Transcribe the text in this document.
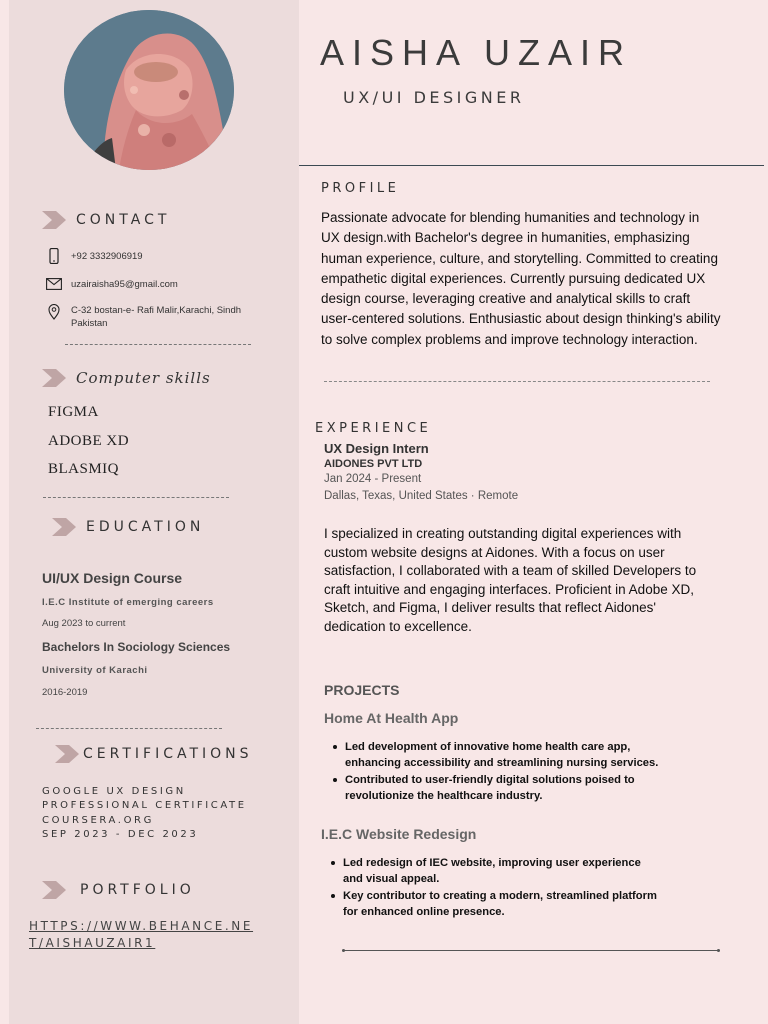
CONTACT
+92 3332906919
uzairaisha95@gmail.com
C-32 bostan-e- Rafi Malir,Karachi, Sindh Pakistan
Computer skills
FIGMA
ADOBE XD
BLASMIQ
EDUCATION
UI/UX Design Course
I.E.C Institute of emerging careers
Aug 2023 to current
Bachelors In Sociology Sciences
University of Karachi
2016-2019
CERTIFICATIONS
GOOGLE UX DESIGN
PROFESSIONAL CERTIFICATE
COURSERA.ORG
SEP 2023 - DEC 2023
PORTFOLIO
HTTPS://WWW.BEHANCE.NET/AISHAUZAIR1
AISHA UZAIR
UX/UI DESIGNER
PROFILE
Passionate advocate for blending humanities and technology in UX design.with Bachelor's degree in humanities, emphasizing human experience, culture, and storytelling. Committed to creating empathetic digital experiences. Currently pursuing dedicated UX design course, leveraging creative and analytical skills to craft user-centered solutions. Enthusiastic about design thinking's ability to solve complex problems and improve technology interaction.
EXPERIENCE
UX Design Intern
AIDONES PVT LTD
Jan 2024 - Present
Dallas, Texas, United States · Remote
I specialized in creating outstanding digital experiences with custom website designs at Aidones. With a focus on user satisfaction, I collaborated with a team of skilled Developers to craft intuitive and engaging interfaces. Proficient in Adobe XD, Sketch, and Figma, I deliver results that reflect Aidones' dedication to excellence.
PROJECTS
Home At Health App
Led development of innovative home health care app, enhancing accessibility and streamlining nursing services.
Contributed to user-friendly digital solutions poised to revolutionize the healthcare industry.
I.E.C Website Redesign
Led redesign of IEC website, improving user experience and visual appeal.
Key contributor to creating a modern, streamlined platform for enhanced online presence.
